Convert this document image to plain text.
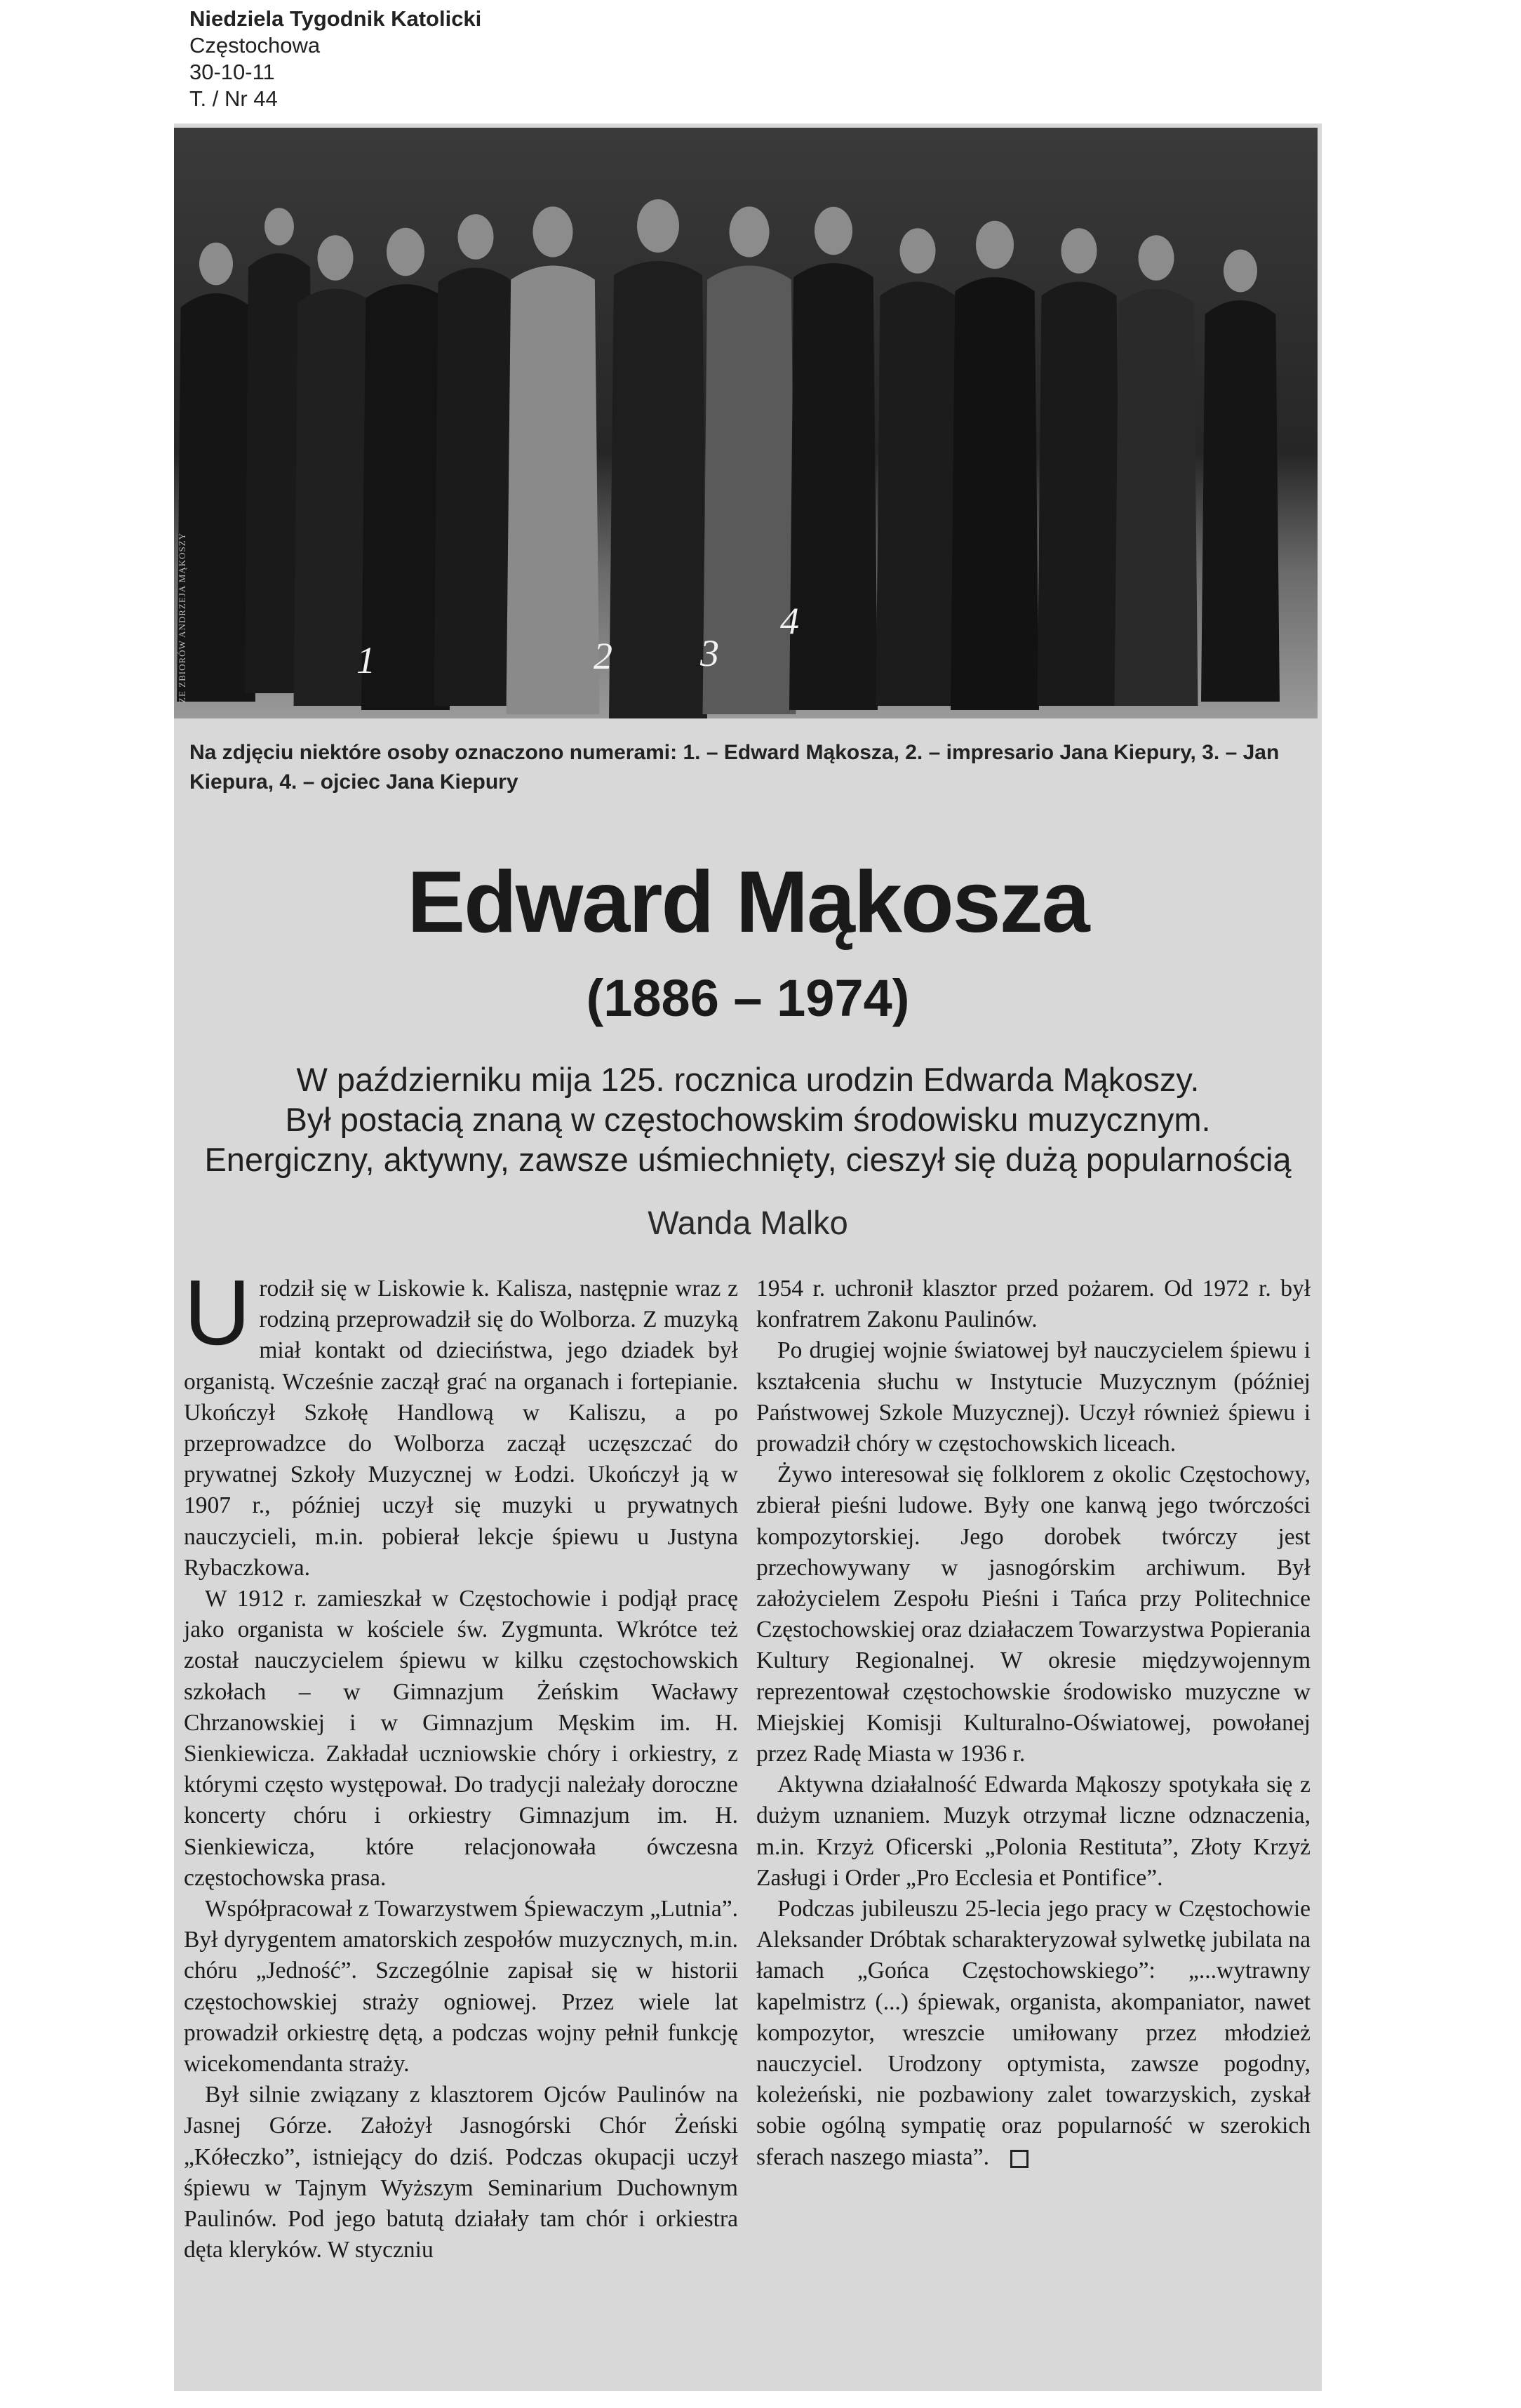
Niedziela Tygodnik Katolicki
Częstochowa
30-10-11
T. / Nr 44
ZE ZBIORÓW ANDRZEJA MĄKOSZY	1	2 3
4
Na zdjęciu niektóre osoby oznaczono numerami: 1. – Edward Mąkosza, 2. – impresario Jana Kiepury, 3. – Jan Kiepura, 4. – ojciec Jana Kiepury
Edward Mąkosza
(1886 – 1974)
W październiku mija 125. rocznica urodzin Edwarda Mąkoszy.
Był postacią znaną w częstochowskim środowisku muzycznym.
Energiczny, aktywny, zawsze uśmiechnięty, cieszył się dużą popularnością
Wanda Malko

Urodził się w Liskowie k. Kalisza, następnie wraz z rodziną przeprowadził się do Wolborza. Z muzyką miał kontakt od dzieciństwa, jego dziadek był organistą. Wcześnie zaczął grać na organach i fortepianie. Ukończył Szkołę Handlową w Kaliszu, a po przeprowadzce do Wolborza zaczął uczęszczać do prywatnej Szkoły Muzycznej w Łodzi. Ukończył ją w 1907 r., później uczył się muzyki u prywatnych nauczycieli, m.in. pobierał lekcje śpiewu u Justyna Rybaczkowa.

W 1912 r. zamieszkał w Częstochowie i podjął pracę jako organista w kościele św. Zygmunta. Wkrótce też został nauczycielem śpiewu w kilku częstochowskich szkołach – w Gimnazjum Żeńskim Wacławy Chrzanowskiej i w Gimnazjum Męskim im. H. Sienkiewicza. Zakładał uczniowskie chóry i orkiestry, z którymi często występował. Do tradycji należały doroczne koncerty chóru i orkiestry Gimnazjum im. H. Sienkiewicza, które relacjonowała ówczesna częstochowska prasa.

Współpracował z Towarzystwem Śpiewaczym „Lutnia”. Był dyrygentem amatorskich zespołów muzycznych, m.in. chóru „Jedność”. Szczególnie zapisał się w historii częstochowskiej straży ogniowej. Przez wiele lat prowadził orkiestrę dętą, a podczas wojny pełnił funkcję wicekomendanta straży.

Był silnie związany z klasztorem Ojców Paulinów na Jasnej Górze. Założył Jasnogórski Chór Żeński „Kółeczko”, istniejący do dziś. Podczas okupacji uczył śpiewu w Tajnym Wyższym Seminarium Duchownym Paulinów. Pod jego batutą działały tam chór i orkiestra dęta kleryków. W styczniu

1954 r. uchronił klasztor przed pożarem. Od 1972 r. był konfratrem Zakonu Paulinów.

Po drugiej wojnie światowej był nauczycielem śpiewu i kształcenia słuchu w Instytucie Muzycznym (później Państwowej Szkole Muzycznej). Uczył również śpiewu i prowadził chóry w częstochowskich liceach.

Żywo interesował się folklorem z okolic Częstochowy, zbierał pieśni ludowe. Były one kanwą jego twórczości kompozytorskiej. Jego dorobek twórczy jest przechowywany w jasnogórskim archiwum. Był założycielem Zespołu Pieśni i Tańca przy Politechnice Częstochowskiej oraz działaczem Towarzystwa Popierania Kultury Regionalnej. W okresie międzywojennym reprezentował częstochowskie środowisko muzyczne w Miejskiej Komisji Kulturalno-Oświatowej, powołanej przez Radę Miasta w 1936 r.

Aktywna działalność Edwarda Mąkoszy spotykała się z dużym uznaniem. Muzyk otrzymał liczne odznaczenia, m.in. Krzyż Oficerski „Polonia Restituta”, Złoty Krzyż Zasługi i Order „Pro Ecclesia et Pontifice”.

Podczas jubileuszu 25-lecia jego pracy w Częstochowie Aleksander Dróbtak scharakteryzował sylwetkę jubilata na łamach „Gońca Częstochowskiego”: „...wytrawny kapelmistrz (...) śpiewak, organista, akompaniator, nawet kompozytor, wreszcie umiłowany przez młodzież nauczyciel. Urodzony optymista, zawsze pogodny, koleżeński, nie pozbawiony zalet towarzyskich, zyskał sobie ogólną sympatię oraz popularność w szerokich sferach naszego miasta”.
